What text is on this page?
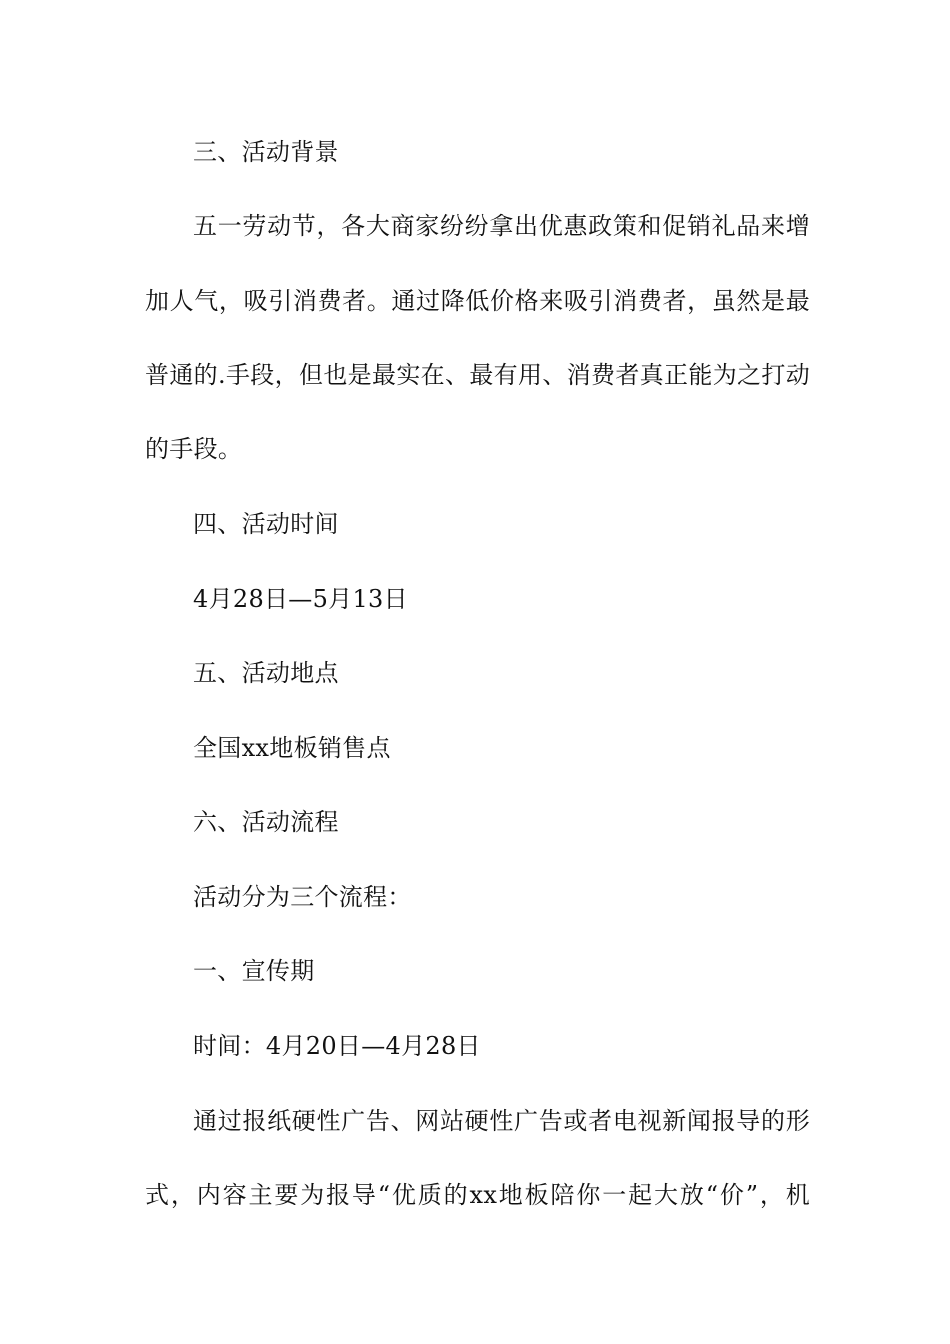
三、活动背景
五一劳动节，各大商家纷纷拿出优惠政策和促销礼品来增
加人气，吸引消费者。通过降低价格来吸引消费者，虽然是最
普通的.手段，但也是最实在、最有用、消费者真正能为之打动
的手段。
四、活动时间
4月28日—5月13日
五、活动地点
全国xx地板销售点
六、活动流程
活动分为三个流程：
一、宣传期
时间：4月20日—4月28日
通过报纸硬性广告、网站硬性广告或者电视新闻报导的形
式，内容主要为报导“优质的xx地板陪你一起大放“价”，机
